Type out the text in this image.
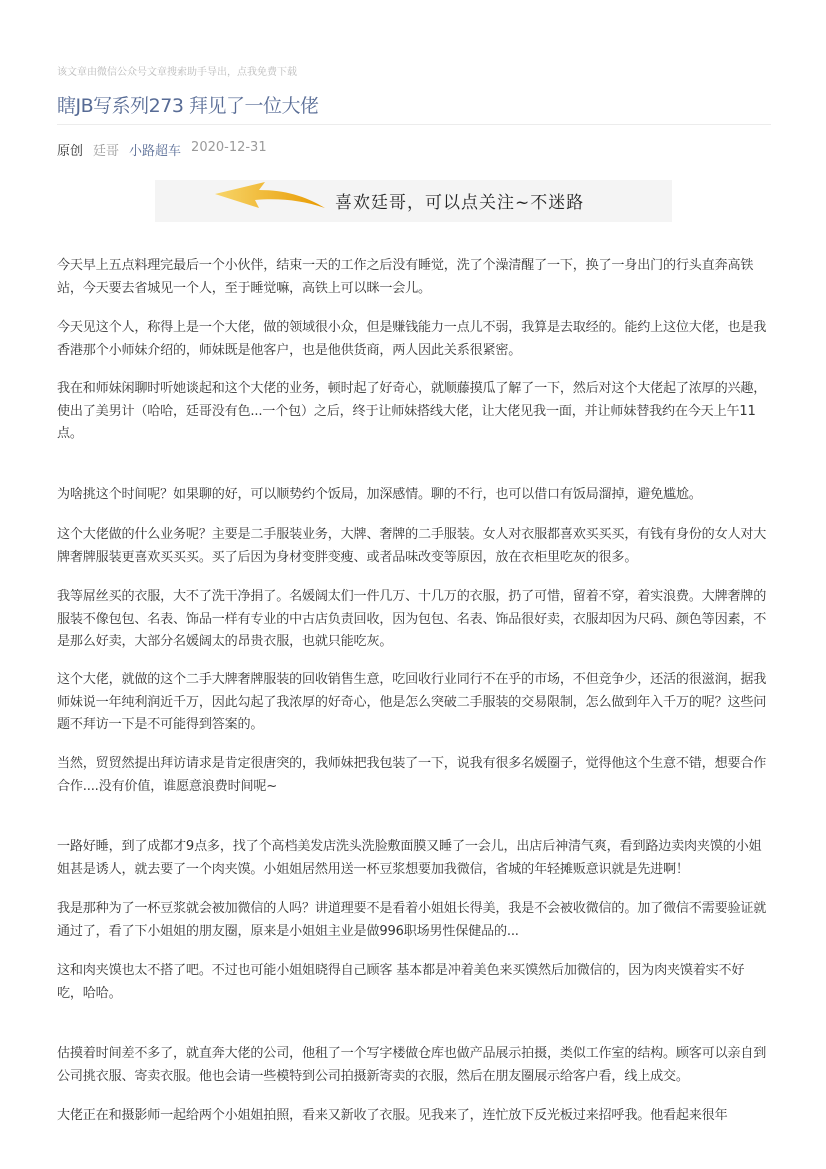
该文章由微信公众号文章搜索助手导出，点我免费下载
瞎JB写系列273 拜见了一位大佬
原创 廷哥 小路超车 2020-12-31
喜欢廷哥，可以点关注~不迷路

今天早上五点料理完最后一个小伙伴，结束一天的工作之后没有睡觉，洗了个澡清醒了一下，换了一身出门的行头直奔高铁站，今天要去省城见一个人，至于睡觉嘛，高铁上可以眯一会儿。

今天见这个人，称得上是一个大佬，做的领域很小众，但是赚钱能力一点儿不弱，我算是去取经的。能约上这位大佬，也是我香港那个小师妹介绍的，师妹既是他客户，也是他供货商，两人因此关系很紧密。

我在和师妹闲聊时听她谈起和这个大佬的业务，顿时起了好奇心，就顺藤摸瓜了解了一下，然后对这个大佬起了浓厚的兴趣，使出了美男计（哈哈，廷哥没有色...一个包）之后，终于让师妹搭线大佬，让大佬见我一面，并让师妹替我约在今天上午11点。

为啥挑这个时间呢？如果聊的好，可以顺势约个饭局，加深感情。聊的不行，也可以借口有饭局溜掉，避免尴尬。

这个大佬做的什么业务呢？主要是二手服装业务，大牌、奢牌的二手服装。女人对衣服都喜欢买买买，有钱有身份的女人对大牌奢牌服装更喜欢买买买。买了后因为身材变胖变瘦、或者品味改变等原因，放在衣柜里吃灰的很多。

我等屌丝买的衣服，大不了洗干净捐了。名媛阔太们一件几万、十几万的衣服，扔了可惜，留着不穿，着实浪费。大牌奢牌的服装不像包包、名表、饰品一样有专业的中古店负责回收，因为包包、名表、饰品很好卖，衣服却因为尺码、颜色等因素，不是那么好卖，大部分名媛阔太的昂贵衣服，也就只能吃灰。

这个大佬，就做的这个二手大牌奢牌服装的回收销售生意，吃回收行业同行不在乎的市场，不但竞争少，还活的很滋润，据我师妹说一年纯利润近千万，因此勾起了我浓厚的好奇心，他是怎么突破二手服装的交易限制，怎么做到年入千万的呢？这些问题不拜访一下是不可能得到答案的。

当然，贸贸然提出拜访请求是肯定很唐突的，我师妹把我包装了一下，说我有很多名媛圈子，觉得他这个生意不错，想要合作合作....没有价值，谁愿意浪费时间呢~

一路好睡，到了成都才9点多，找了个高档美发店洗头洗脸敷面膜又睡了一会儿，出店后神清气爽，看到路边卖肉夹馍的小姐姐甚是诱人，就去要了一个肉夹馍。小姐姐居然用送一杯豆浆想要加我微信，省城的年轻摊贩意识就是先进啊！

我是那种为了一杯豆浆就会被加微信的人吗？讲道理要不是看着小姐姐长得美，我是不会被收微信的。加了微信不需要验证就通过了，看了下小姐姐的朋友圈，原来是小姐姐主业是做996职场男性保健品的...

这和肉夹馍也太不搭了吧。不过也可能小姐姐晓得自己顾客 基本都是冲着美色来买馍然后加微信的，因为肉夹馍着实不好吃，哈哈。

估摸着时间差不多了，就直奔大佬的公司，他租了一个写字楼做仓库也做产品展示拍摄，类似工作室的结构。顾客可以亲自到公司挑衣服、寄卖衣服。他也会请一些模特到公司拍摄新寄卖的衣服，然后在朋友圈展示给客户看，线上成交。

大佬正在和摄影师一起给两个小姐姐拍照，看来又新收了衣服。见我来了，连忙放下反光板过来招呼我。他看起来很年
